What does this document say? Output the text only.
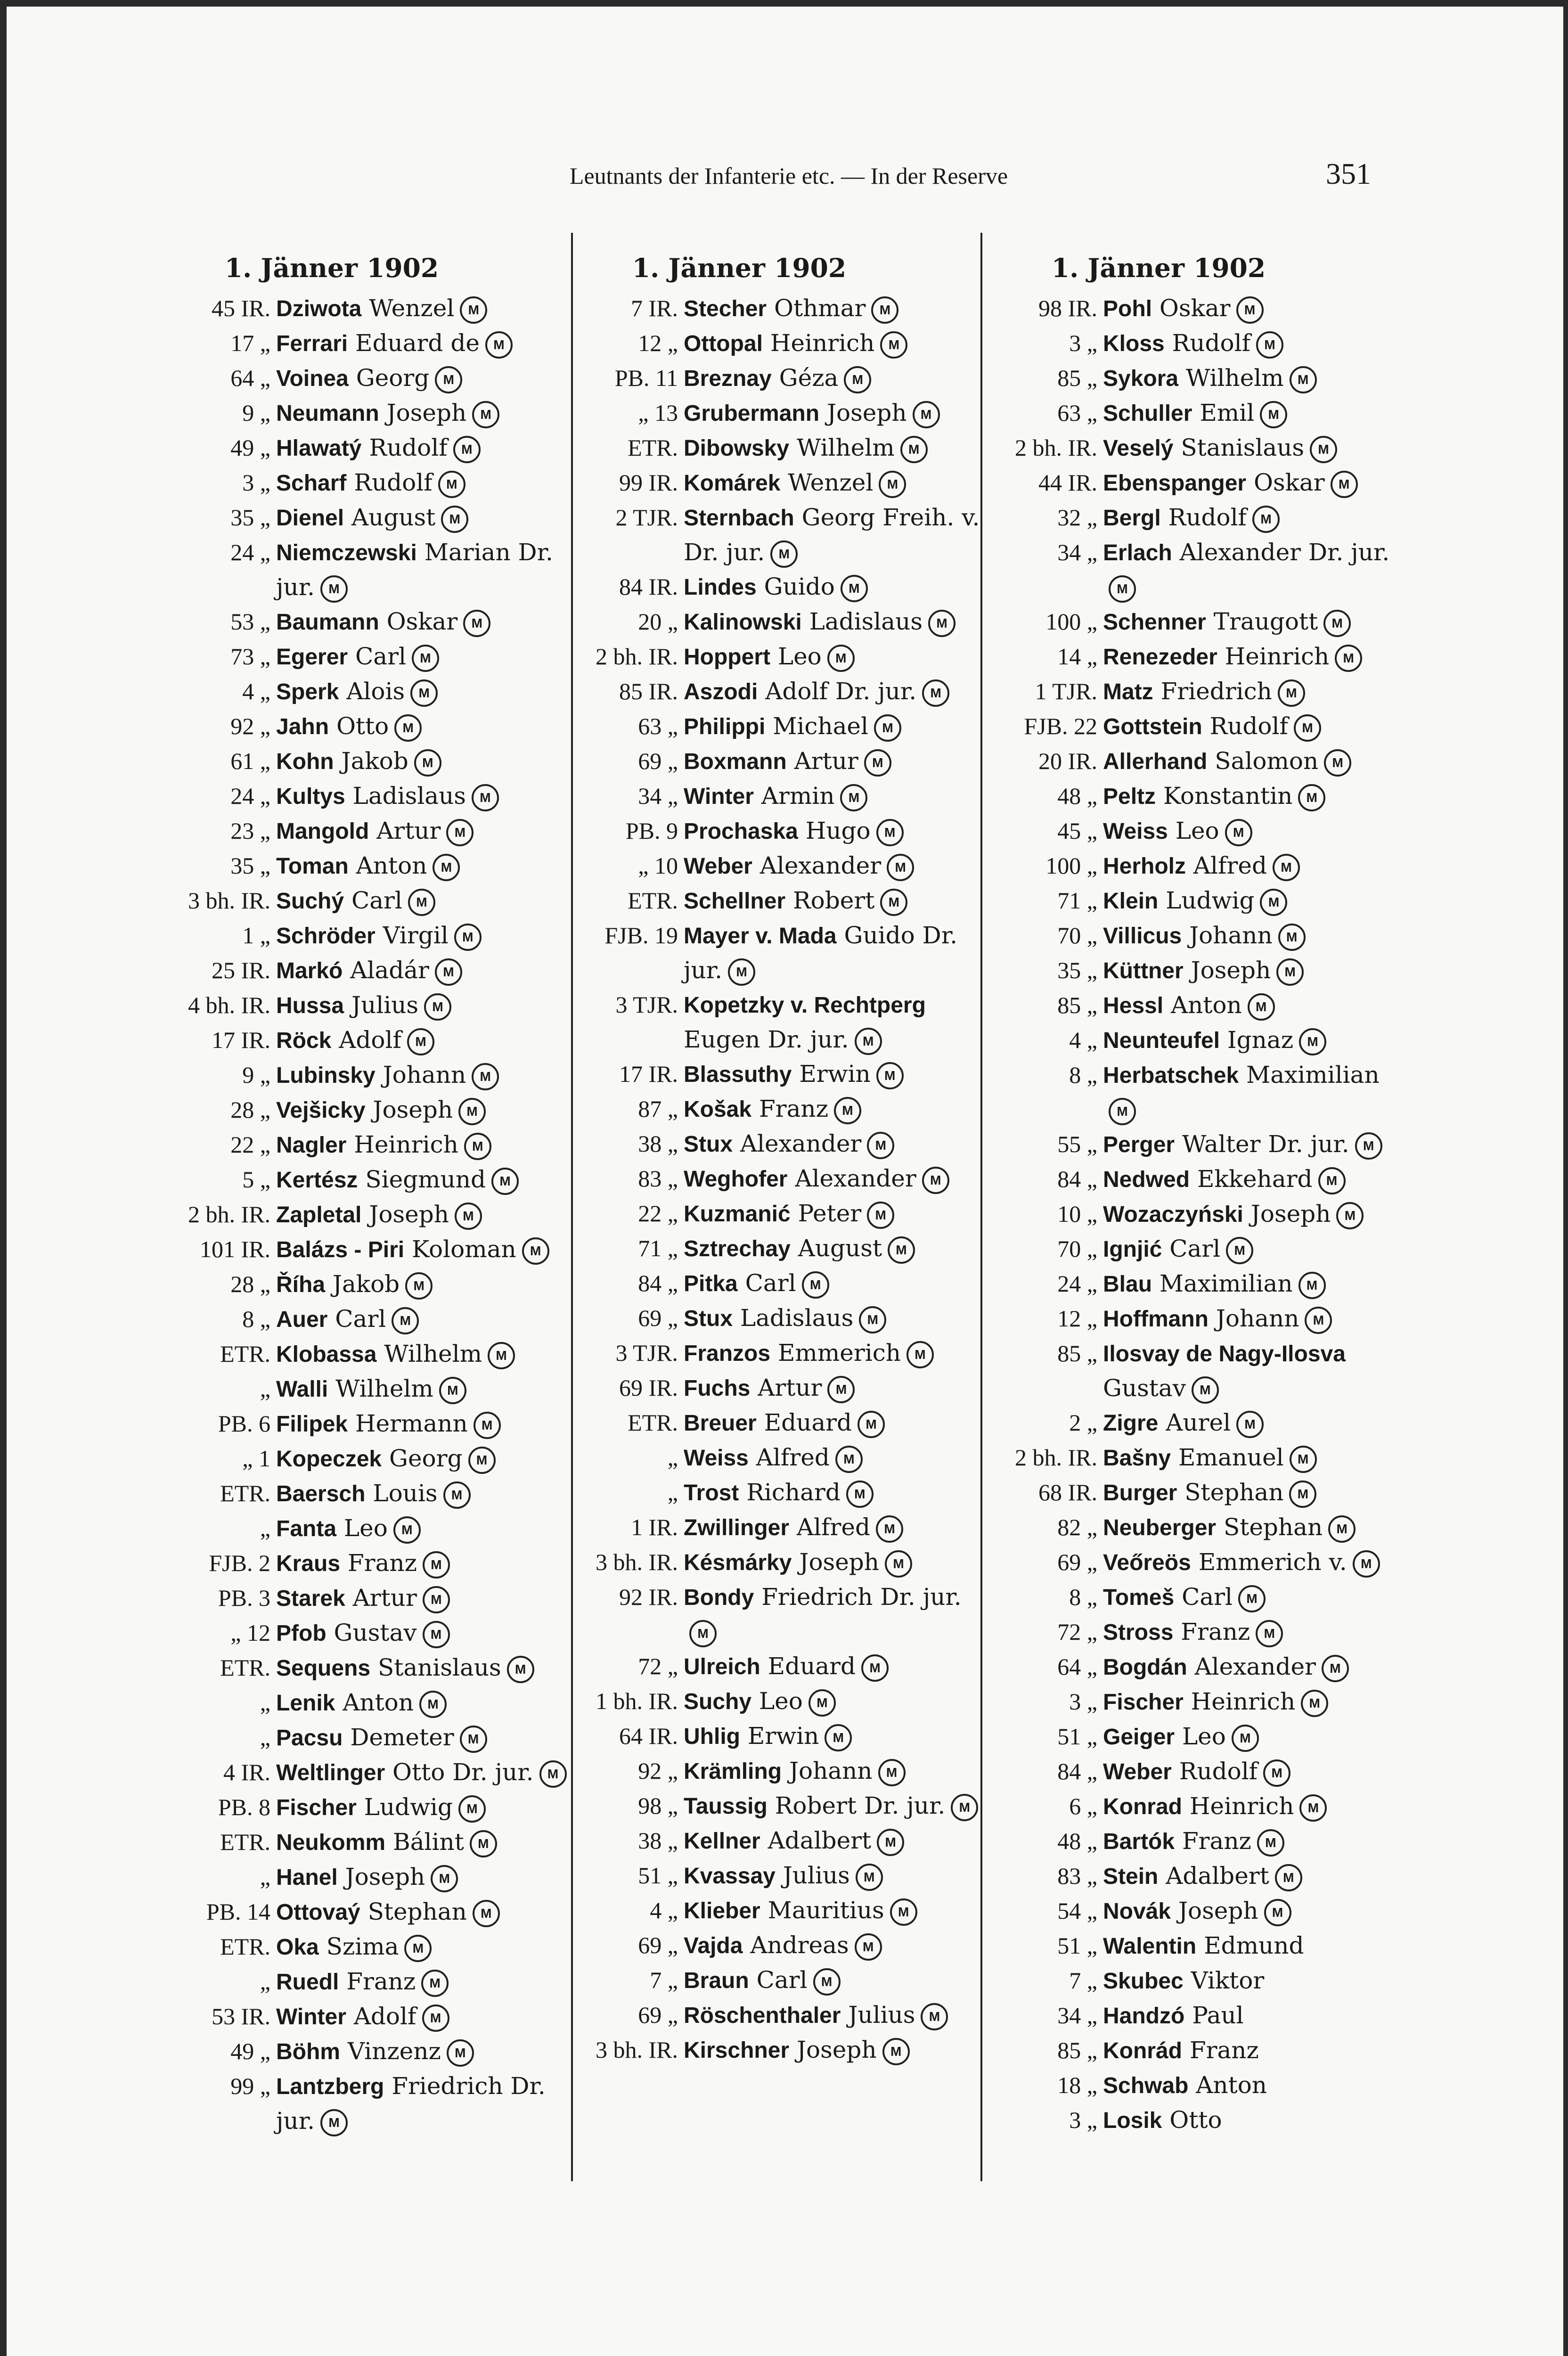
Leutnants der Infanterie etc. — In der Reserve	351
1. Jänner 1902
45 IR. Dziwota Wenzel M
17 „ Ferrari Eduard de M
64 „ Voinea Georg M
9 „ Neumann Joseph M
49 „ Hlawatý Rudolf M
3 „ Scharf Rudolf M
35 „ Dienel August M
24 „ Niemczewski Marian Dr. jur. M
53 „ Baumann Oskar M
73 „ Egerer Carl M
4 „ Sperk Alois M
92 „ Jahn Otto M
61 „ Kohn Jakob M
24 „ Kultys Ladislaus M
23 „ Mangold Artur M
35 „ Toman Anton M
3 bh. IR. Suchý Carl M
1 „ Schröder Virgil M
25 IR. Markó Aladár M
4 bh. IR. Hussa Julius M
17 IR. Röck Adolf M
9 „ Lubinsky Johann M
28 „ Vejšicky Joseph M
22 „ Nagler Heinrich M
5 „ Kertész Siegmund M
2 bh. IR. Zapletal Joseph M
101 IR. Balázs - Piri Koloman M
28 „ Říha Jakob M
8 „ Auer Carl M
ETR. Klobassa Wilhelm M
„ Walli Wilhelm M
PB. 6 Filipek Hermann M
„ 1 Kopeczek Georg M
ETR. Baersch Louis M
„ Fanta Leo M
FJB. 2 Kraus Franz M
PB. 3 Starek Artur M
„ 12 Pfob Gustav M
ETR. Sequens Stanislaus M
„ Lenik Anton M
„ Pacsu Demeter M
4 IR. Weltlinger Otto Dr. jur. M
PB. 8 Fischer Ludwig M
ETR. Neukomm Bálint M
„ Hanel Joseph M
PB. 14 Ottovaý Stephan M
ETR. Oka Szima M
„ Ruedl Franz M
53 IR. Winter Adolf M
49 „ Böhm Vinzenz M
99 „ Lantzberg Friedrich Dr. jur. M
1. Jänner 1902
7 IR. Stecher Othmar M
12 „ Ottopal Heinrich M
PB. 11 Breznay Géza M
„ 13 Grubermann Joseph M
ETR. Dibowsky Wilhelm M
99 IR. Komárek Wenzel M
2 TJR. Sternbach Georg Freih. v. Dr. jur. M
84 IR. Lindes Guido M
20 „ Kalinowski Ladislaus M
2 bh. IR. Hoppert Leo M
85 IR. Aszodi Adolf Dr. jur. M
63 „ Philippi Michael M
69 „ Boxmann Artur M
34 „ Winter Armin M
PB. 9 Prochaska Hugo M
„ 10 Weber Alexander M
ETR. Schellner Robert M
FJB. 19 Mayer v. Mada Guido Dr. jur. M
3 TJR. Kopetzky v. Rechtperg Eugen Dr. jur. M
17 IR. Blassuthy Erwin M
87 „ Košak Franz M
38 „ Stux Alexander M
83 „ Weghofer Alexander M
22 „ Kuzmanić Peter M
71 „ Sztrechay August M
84 „ Pitka Carl M
69 „ Stux Ladislaus M
3 TJR. Franzos Emmerich M
69 IR. Fuchs Artur M
ETR. Breuer Eduard M
„ Weiss Alfred M
„ Trost Richard M
1 IR. Zwillinger Alfred M
3 bh. IR. Késmárky Joseph M
92 IR. Bondy Friedrich Dr. jur.M
72 „ Ulreich Eduard M
1 bh. IR. Suchy Leo M
64 IR. Uhlig Erwin M
92 „ Krämling Johann M
98 „ Taussig Robert Dr. jur. M
38 „ Kellner Adalbert M
51 „ Kvassay Julius M
4 „ Klieber Mauritius M
69 „ Vajda Andreas M
7 „ Braun Carl M
69 „ Röschenthaler Julius M
3 bh. IR. Kirschner Joseph M
1. Jänner 1902
98 IR. Pohl Oskar M
3 „ Kloss Rudolf M
85 „ Sykora Wilhelm M
63 „ Schuller Emil M
2 bh. IR. Veselý Stanislaus M
44 IR. Ebenspanger Oskar M
32 „ Bergl Rudolf M
34 „ Erlach Alexander Dr. jur.M
100 „ Schenner Traugott M
14 „ Renezeder Heinrich M
1 TJR. Matz Friedrich M
FJB. 22 Gottstein Rudolf M
20 IR. Allerhand Salomon M
48 „ Peltz Konstantin M
45 „ Weiss Leo M
100 „ Herholz Alfred M
71 „ Klein Ludwig M
70 „ Villicus Johann M
35 „ Küttner Joseph M
85 „ Hessl Anton M
4 „ Neunteufel Ignaz M
8 „ Herbatschek MaximilianM
55 „ Perger Walter Dr. jur. M
84 „ Nedwed Ekkehard M
10 „ Wozaczyński Joseph M
70 „ Ignjić Carl M
24 „ Blau Maximilian M
12 „ Hoffmann Johann M
85 „ Ilosvay de Nagy-Ilosva Gustav M
2 „ Zigre Aurel M
2 bh. IR. Bašny Emanuel M
68 IR. Burger Stephan M
82 „ Neuberger Stephan M
69 „ Veőreös Emmerich v. M
8 „ Tomeš Carl M
72 „ Stross Franz M
64 „ Bogdán Alexander M
3 „ Fischer Heinrich M
51 „ Geiger Leo M
84 „ Weber Rudolf M
6 „ Konrad Heinrich M
48 „ Bartók Franz M
83 „ Stein Adalbert M
54 „ Novák Joseph M
51 „ Walentin Edmund
7 „ Skubec Viktor
34 „ Handzó Paul
85 „ Konrád Franz
18 „ Schwab Anton
3 „ Losik Otto
